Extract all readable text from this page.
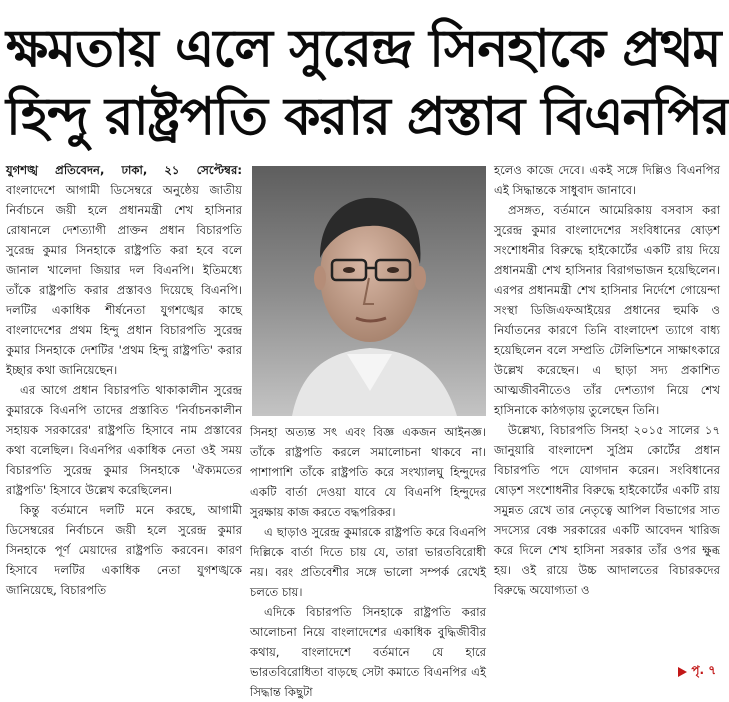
ক্ষমতায় এলে সুরেন্দ্র সিনহাকে প্রথম
হিন্দু রাষ্ট্রপতি করার প্রস্তাব বিএনপির

যুগশঙ্খ প্রতিবেদন, ঢাকা, ২১ সেপ্টেম্বর: বাংলাদেশে আগামী ডিসেম্বরে অনুষ্ঠেয় জাতীয় নির্বাচনে জয়ী হলে প্রধানমন্ত্রী শেখ হাসিনার রোষানলে দেশত্যাগী প্রাক্তন প্রধান বিচারপতি সুরেন্দ্র কুমার সিনহাকে রাষ্ট্রপতি করা হবে বলে জানাল খালেদা জিয়ার দল বিএনপি। ইতিমধ্যে তাঁকে রাষ্ট্রপতি করার প্রস্তাবও দিয়েছে বিএনপি। দলটির একাধিক শীর্ষনেতা যুগশঙ্খের কাছে বাংলাদেশের প্রথম হিন্দু প্রধান বিচারপতি সুরেন্দ্র কুমার সিনহাকে দেশটির 'প্রথম হিন্দু রাষ্ট্রপতি' করার ইচ্ছার কথা জানিয়েছেন।

এর আগে প্রধান বিচারপতি থাকাকালীন সুরেন্দ্র কুমারকে বিএনপি তাদের প্রস্তাবিত 'নির্বাচনকালীন সহায়ক সরকারের' রাষ্ট্রপতি হিসাবে নাম প্রস্তাবের কথা বলেছিল। বিএনপির একাধিক নেতা ওই সময় বিচারপতি সুরেন্দ্র কুমার সিনহাকে 'ঐক্যমতের রাষ্ট্রপতি' হিসাবে উল্লেখ করেছিলেন।

কিন্তু বর্তমানে দলটি মনে করছে, আগামী ডিসেম্বরের নির্বাচনে জয়ী হলে সুরেন্দ্র কুমার সিনহাকে পূর্ণ মেয়াদের রাষ্ট্রপতি করবেন। কারণ হিসাবে দলটির একাধিক নেতা যুগশঙ্খকে জানিয়েছে, বিচারপতি

সিনহা অত্যন্ত সৎ এবং বিজ্ঞ একজন আইনজ্ঞ। তাঁকে রাষ্ট্রপতি করলে সমালোচনা থাকবে না। পাশাপাশি তাঁকে রাষ্ট্রপতি করে সংখ্যালঘু হিন্দুদের একটি বার্তা দেওয়া যাবে যে বিএনপি হিন্দুদের সুরক্ষায় কাজ করতে বদ্ধপরিকর।

এ ছাড়াও সুরেন্দ্র কুমারকে রাষ্ট্রপতি করে বিএনপি দিল্লিকে বার্তা দিতে চায় যে, তারা ভারতবিরোধী নয়। বরং প্রতিবেশীর সঙ্গে ভালো সম্পর্ক রেখেই চলতে চায়।

এদিকে বিচারপতি সিনহাকে রাষ্ট্রপতি করার আলোচনা নিয়ে বাংলাদেশের একাধিক বুদ্ধিজীবীর কথায়, বাংলাদেশে বর্তমানে যে হারে ভারতবিরোধিতা বাড়ছে সেটা কমাতে বিএনপির এই সিদ্ধান্ত কিছুটা

হলেও কাজে দেবে। একই সঙ্গে দিল্লিও বিএনপির এই সিদ্ধান্তকে সাধুবাদ জানাবে।

প্রসঙ্গত, বর্তমানে আমেরিকায় বসবাস করা সুরেন্দ্র কুমার বাংলাদেশের সংবিধানের ষোড়শ সংশোধনীর বিরুদ্ধে হাইকোর্টের একটি রায় দিয়ে প্রধানমন্ত্রী শেখ হাসিনার বিরাগভাজন হয়েছিলেন। এরপর প্রধানমন্ত্রী শেখ হাসিনার নির্দেশে গোয়েন্দা সংস্থা ডিজিএফআইয়ের প্রধানের হুমকি ও নির্যাতনের কারণে তিনি বাংলাদেশ ত্যাগে বাধ্য হয়েছিলেন বলে সম্প্রতি টেলিভিশনে সাক্ষাৎকারে উল্লেখ করেছেন। এ ছাড়া সদ্য প্রকাশিত আত্মজীবনীতেও তাঁর দেশত্যাগ নিয়ে শেখ হাসিনাকে কাঠগড়ায় তুলেছেন তিনি।

উল্লেখ্য, বিচারপতি সিনহা ২০১৫ সালের ১৭ জানুয়ারি বাংলাদেশ সুপ্রিম কোর্টের প্রধান বিচারপতি পদে যোগদান করেন। সংবিধানের ষোড়শ সংশোধনীর বিরুদ্ধে হাইকোর্টের একটি রায় সমুন্নত রেখে তার নেতৃত্বে আপিল বিভাগের সাত সদস্যের বেঞ্চ সরকারের একটি আবেদন খারিজ করে দিলে শেখ হাসিনা সরকার তাঁর ওপর ক্ষুব্ধ হয়। ওই রায়ে উচ্চ আদালতের বিচারকদের বিরুদ্ধে অযোগ্যতা ও

পৃ. ৭
